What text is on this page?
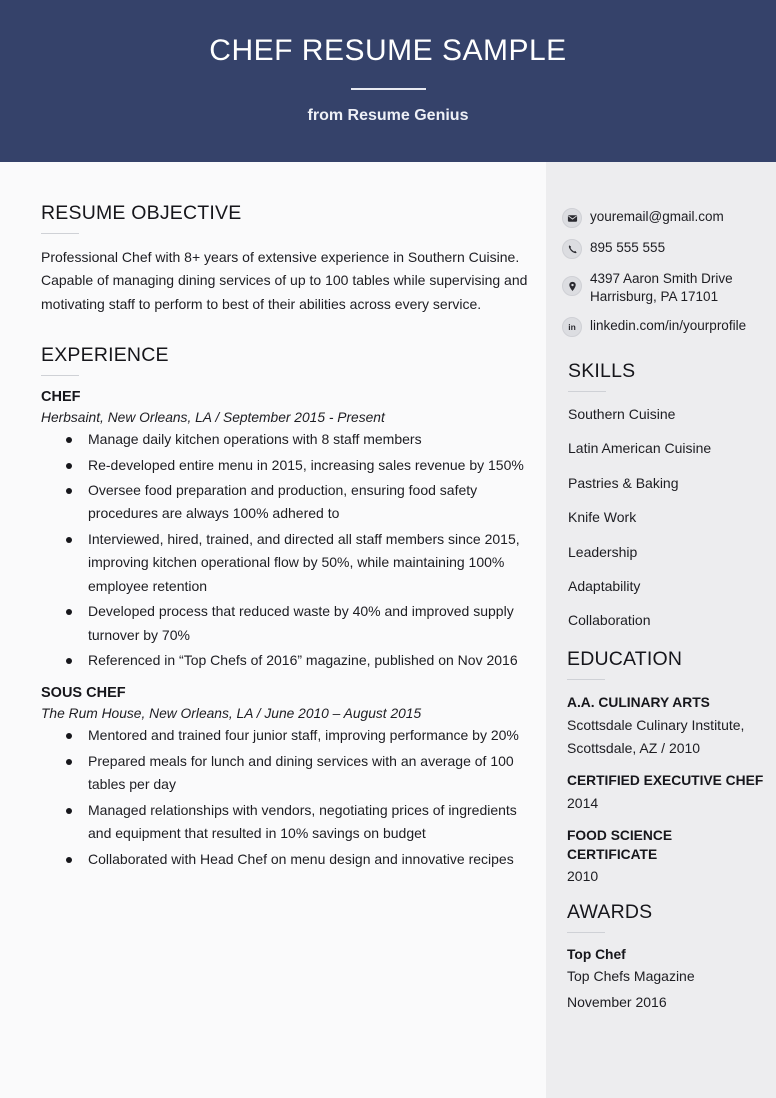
CHEF RESUME SAMPLE
from Resume Genius
RESUME OBJECTIVE

Professional Chef with 8+ years of extensive experience in Southern Cuisine. Capable of managing dining services of up to 100 tables while supervising and motivating staff to perform to best of their abilities across every service.

EXPERIENCE
CHEF
Herbsaint, New Orleans, LA / September 2015 - Present
Manage daily kitchen operations with 8 staff members
Re-developed entire menu in 2015, increasing sales revenue by 150%
Oversee food preparation and production, ensuring food safety procedures are always 100% adhered to
Interviewed, hired, trained, and directed all staff members since 2015, improving kitchen operational flow by 50%, while maintaining 100% employee retention
Developed process that reduced waste by 40% and improved supply turnover by 70%
Referenced in “Top Chefs of 2016” magazine, published on Nov 2016
SOUS CHEF
The Rum House, New Orleans, LA / June 2010 – August 2015
Mentored and trained four junior staff, improving performance by 20%
Prepared meals for lunch and dining services with an average of 100 tables per day
Managed relationships with vendors, negotiating prices of ingredients and equipment that resulted in 10% savings on budget
Collaborated with Head Chef on menu design and innovative recipes
youremail@gmail.com
895 555 555
4397 Aaron Smith Drive
Harrisburg, PA 17101
in linkedin.com/in/yourprofile
SKILLS
Southern Cuisine
Latin American Cuisine
Pastries & Baking
Knife Work
Leadership
Adaptability
Collaboration
EDUCATION
A.A. CULINARY ARTS
Scottsdale Culinary Institute, Scottsdale, AZ / 2010
CERTIFIED EXECUTIVE CHEF
2014
FOOD SCIENCE CERTIFICATE
2010
AWARDS
Top Chef
Top Chefs Magazine
November 2016
